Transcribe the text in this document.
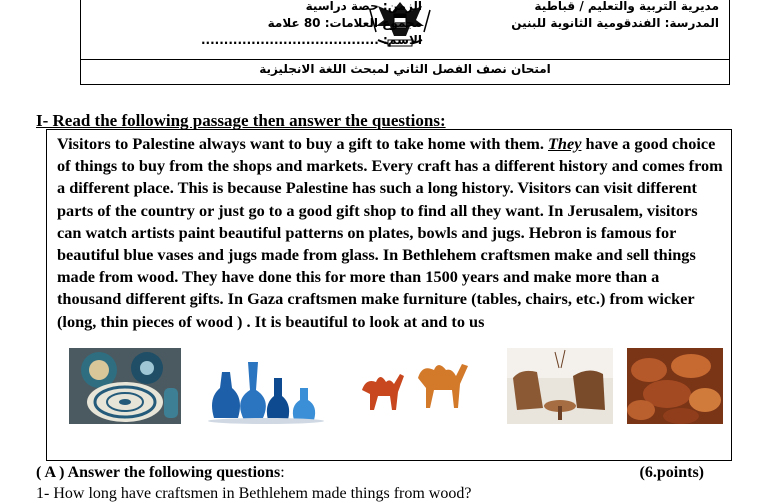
مديرية التربية والتعليم / قباطية
المدرسة: الفندقومية الثانوية للبنين
الزمن: حصة دراسية
مجموع العلامات: 80 علامة
الاسم: .......................................
امتحان نصف الفصل الثاني لمبحث اللغة الانجليزية
I- Read the following passage then answer the questions:
Visitors to Palestine always want to buy a gift to take home with them. They have a good choice of things to buy from the shops and markets. Every craft has a different history and comes from a different place. This is because Palestine has such a long history. Visitors can visit different parts of the country or just go to a good gift shop to find all they want. In Jerusalem, visitors can watch artists paint beautiful patterns on plates, bowls and jugs. Hebron is famous for beautiful blue vases and jugs made from glass. In Bethlehem craftsmen make and sell things made from wood. They have done this for more than 1500 years and make more than a thousand different gifts. In Gaza craftsmen make furniture (tables, chairs, etc.) from wicker (long, thin pieces of wood ) . It is beautiful to look at and to us
( A ) Answer the following questions:	(6.points)
1- How long have craftsmen in Bethlehem made things from wood?
